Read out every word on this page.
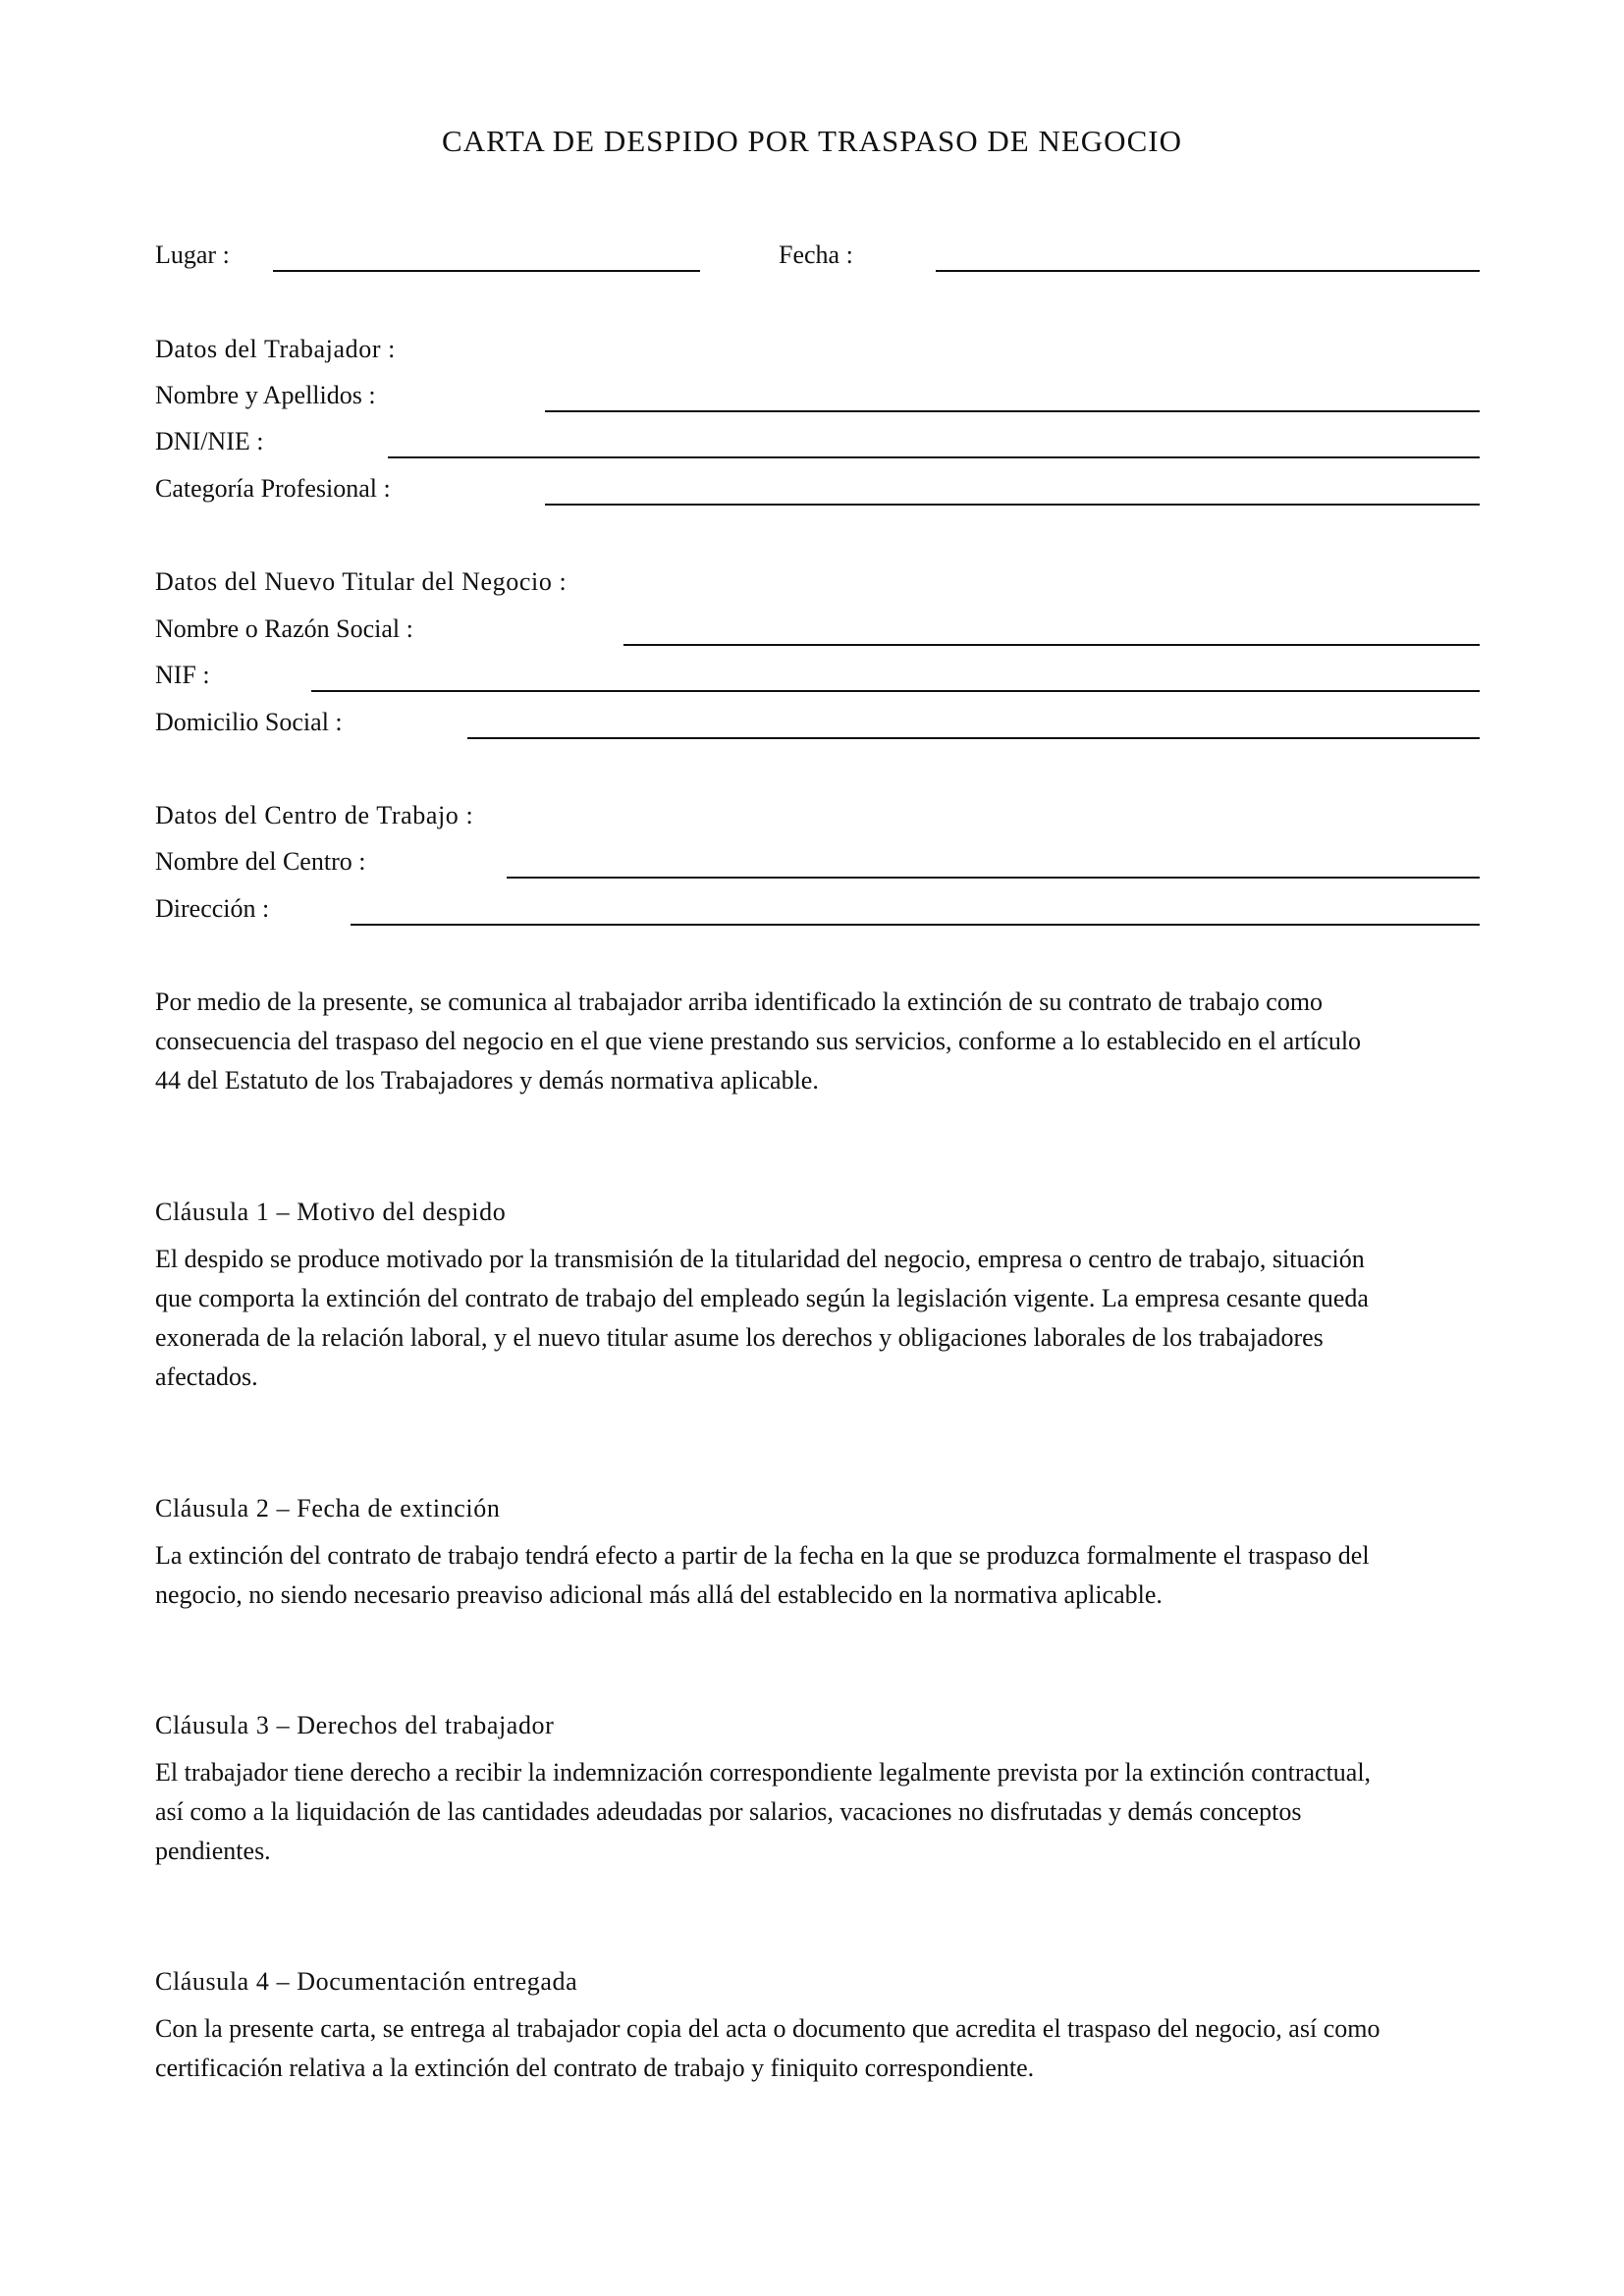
CARTA DE DESPIDO POR TRASPASO DE NEGOCIO
Lugar :	Fecha :
Datos del Trabajador :
Nombre y Apellidos :
DNI/NIE :
Categoría Profesional :
Datos del Nuevo Titular del Negocio :
Nombre o Razón Social :
NIF :
Domicilio Social :
Datos del Centro de Trabajo :
Nombre del Centro :
Dirección :
Por medio de la presente, se comunica al trabajador arriba identificado la extinción de su contrato de trabajo como
consecuencia del traspaso del negocio en el que viene prestando sus servicios, conforme a lo establecido en el artículo
44 del Estatuto de los Trabajadores y demás normativa aplicable.
Cláusula 1 – Motivo del despido
El despido se produce motivado por la transmisión de la titularidad del negocio, empresa o centro de trabajo, situación
que comporta la extinción del contrato de trabajo del empleado según la legislación vigente. La empresa cesante queda
exonerada de la relación laboral, y el nuevo titular asume los derechos y obligaciones laborales de los trabajadores
afectados.
Cláusula 2 – Fecha de extinción
La extinción del contrato de trabajo tendrá efecto a partir de la fecha en la que se produzca formalmente el traspaso del
negocio, no siendo necesario preaviso adicional más allá del establecido en la normativa aplicable.
Cláusula 3 – Derechos del trabajador
El trabajador tiene derecho a recibir la indemnización correspondiente legalmente prevista por la extinción contractual,
así como a la liquidación de las cantidades adeudadas por salarios, vacaciones no disfrutadas y demás conceptos
pendientes.
Cláusula 4 – Documentación entregada
Con la presente carta, se entrega al trabajador copia del acta o documento que acredita el traspaso del negocio, así como
certificación relativa a la extinción del contrato de trabajo y finiquito correspondiente.
